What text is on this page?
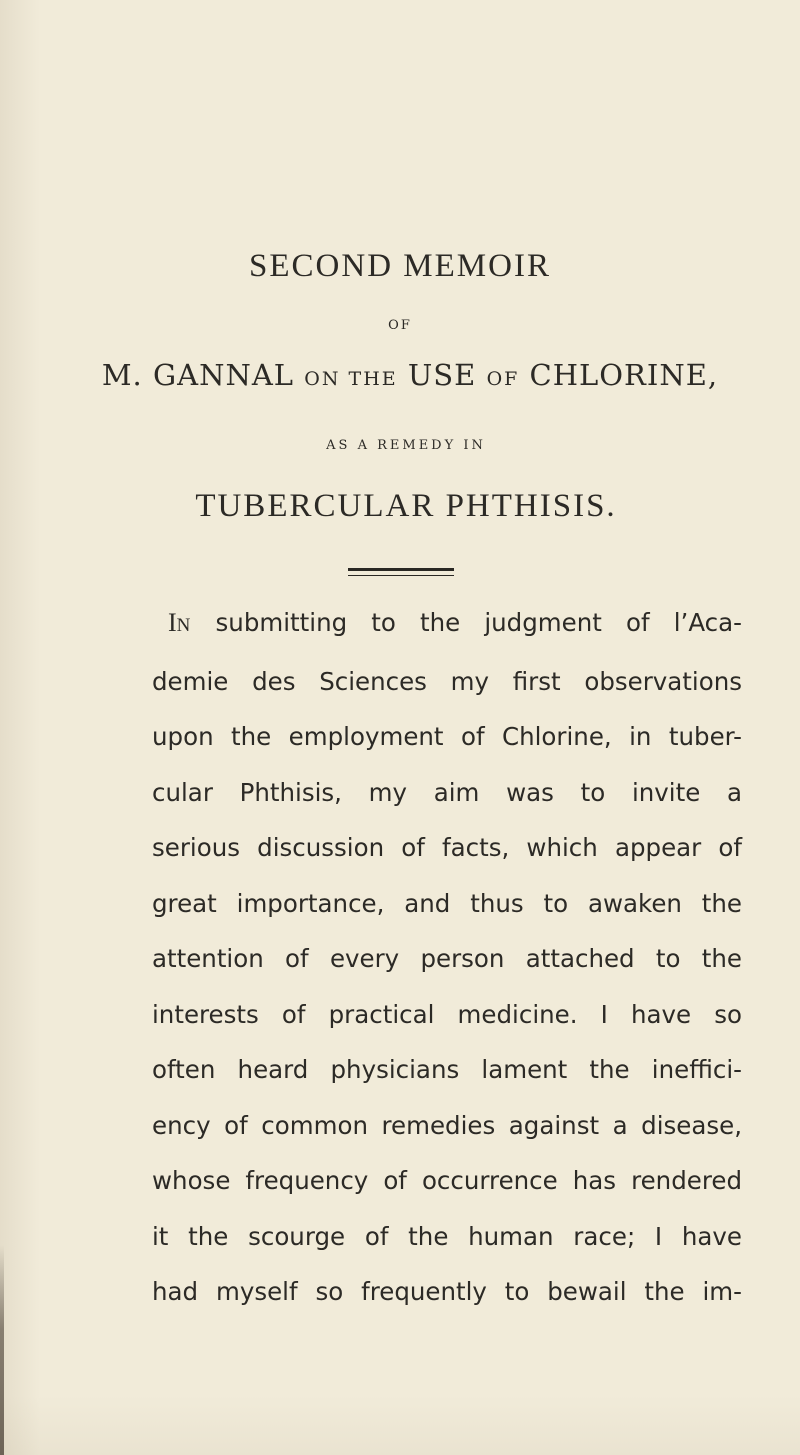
SECOND MEMOIR
OF
M. GANNAL ON THE USE OF CHLORINE,
AS A REMEDY IN
TUBERCULAR PHTHISIS.
IN submitting to the judgment of l’Aca-
demie des Sciences my first observations
upon the employment of Chlorine, in tuber-
cular Phthisis, my aim was to invite a
serious discussion of facts, which appear of
great importance, and thus to awaken the
attention of every person attached to the
interests of practical medicine. I have so
often heard physicians lament the ineffici-
ency of common remedies against a disease,
whose frequency of occurrence has rendered
it the scourge of the human race; I have
had myself so frequently to bewail the im-
